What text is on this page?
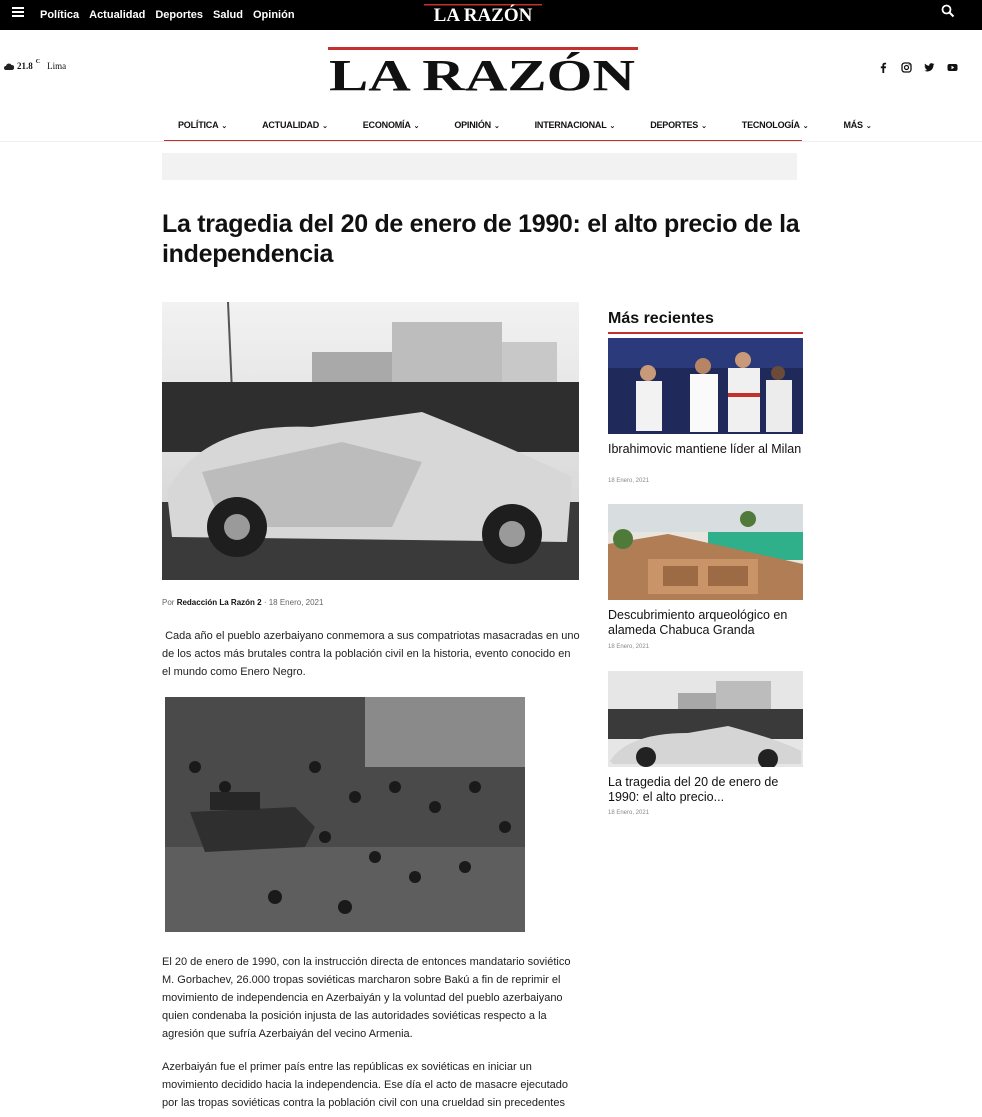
Política Actualidad Deportes Salud Opinión	LA RAZÓN
21.8 C Lima	LA RAZÓN
POLÍTICA ⌄	ACTUALIDAD ⌄	ECONOMÍA ⌄	OPINIÓN ⌄	INTERNACIONAL ⌄	DEPORTES ⌄	TECNOLOGÍA ⌄	MÁS ⌄
La tragedia del 20 de enero de 1990: el alto precio de la independencia
Por Redacción La Razón 2 · 18 Enero, 2021

Cada año el pueblo azerbaiyano conmemora a sus compatriotas masacradas en uno de los actos más brutales contra la población civil en la historia, evento conocido en el mundo como Enero Negro.

El 20 de enero de 1990, con la instrucción directa de entonces mandatario soviético M. Gorbachev, 26.000 tropas soviéticas marcharon sobre Bakú a fin de reprimir el movimiento de independencia en Azerbaiyán y la voluntad del pueblo azerbaiyano quien condenaba la posición injusta de las autoridades soviéticas respecto a la agresión que sufría Azerbaiyán del vecino Armenia.

Azerbaiyán fue el primer país entre las repúblicas ex soviéticas en iniciar un movimiento decidido hacia la independencia. Ese día el acto de masacre ejecutado por las tropas soviéticas contra la población civil con una crueldad sin precedentes

Más recientes
Ibrahimovic mantiene líder al Milan
18 Enero, 2021
Descubrimiento arqueológico en alameda Chabuca Granda
18 Enero, 2021
La tragedia del 20 de enero de 1990: el alto precio...
18 Enero, 2021
